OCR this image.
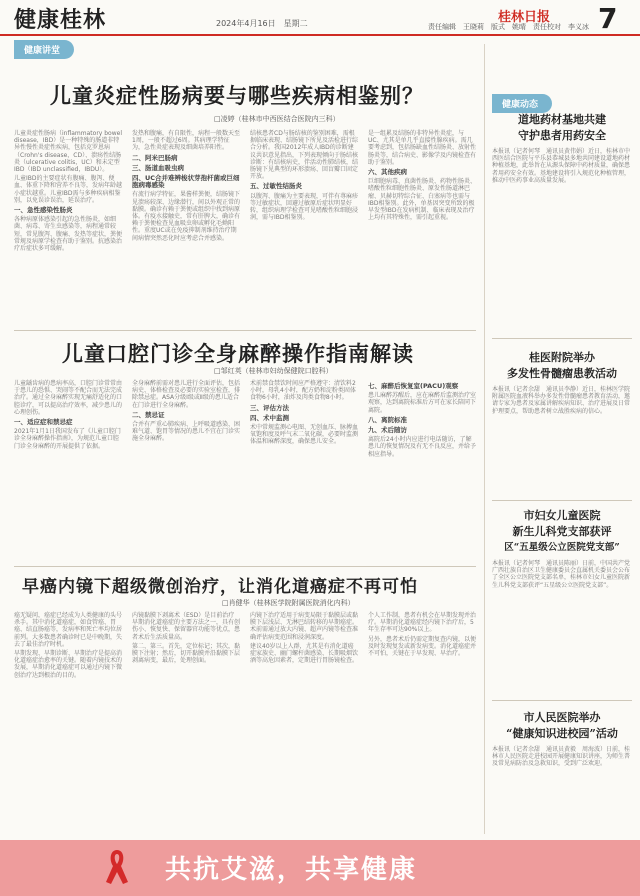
健康桂林	2024年4月16日　星期二	桂林日报
责任编辑　王晓莉　版式　姚晴　责任校对　李义冰 7
健康讲堂
儿童炎症性肠病要与哪些疾病相鉴别？
□凌婷（桂林市中西医结合医院内三科）

儿童炎症性肠病（inflammatory bowel disease，IBD）是一种特殊的肠道非特异性慢性炎症性疾病，包括克罗恩病（Crohn's disease，CD）、溃疡性结肠炎（ulcerative colitis，UC）和未定型IBD（IBD unclassified，IBDU）。

儿童IBD的主要症状有腹痛、腹泻、便血、体重下降和营养不良等，发病年龄越小症状越重。儿童IBD需与多种疾病相鉴别，以免误诊误治，延误治疗。

一、急性感染性肠炎

各种病原体感染引起的急性肠炎，如细菌、病毒、寄生虫感染等，病程通常较短，常见腹泻、腹痛、发热等症状，粪便常规及病原学检查有助于鉴别。抗感染治疗后症状多可缓解。

发热和腹痛，有自限性，病程一般数天至1周，一般不超过6周。其病理学特征为，急性炎症表现及细菌培养阳性。

二、阿米巴肠病
三、肠道血吸虫病
四、UC合并难辨梭状芽孢杆菌或巨细胞病毒感染

有流行病学特征，果酱样粪便，结肠镜下见溃疡较深、边缘潜行，间以外观正常的黏膜。确诊有赖于粪便或组织中找到病原体。有疫水接触史，常有肝脾大，确诊有赖于粪便检查见血吸虫卵或孵化毛蚴阳性。重度UC或在免疫抑制剂维持治疗期间病情突然恶化时应考虑合并感染。

结核患者CD与肠结核的鉴别困难，需根据临床表现、结肠镜下所见及活检进行综合分析。我国2012年成人IBD的诊断建议共识意见指出，下列表现倾向于肠结核诊断：有结核病史，伴活动性肺结核，结肠镜下见典型的环形溃疡、回盲瓣口固定开放。

五、过敏性结肠炎

以腹泻、腹痛为主要表现，可伴有荨麻疹等过敏症状，回避过敏原后症状明显好转，组织病理学检查可见嗜酸性粒细胞浸润，需与IBD相鉴别。

是一组累及结肠的非特异性炎症，与UC、尤其是单几乎直接性腺疾病。需几要考虑到，包括肠缺血性结肠炎、放射性肠炎等，结合病史、影像学及内镜检查有助于鉴别。

六、其他疾病

巨细胞病毒、真菌性肠炎、药物性肠炎、嗜酸性粒细胞性肠炎、原发性肠道淋巴瘤、贝赫切特综合征、白塞病等也需与IBD相鉴别。此外，单基因突变所致的极早发型IBD在发病机制、临床表现及治疗上均有其特殊性，需引起重视。

儿童口腔门诊全身麻醉操作指南解读
□邹红英（桂林市妇幼保健院口腔科）

儿童龋齿病的患病率高，口腔门诊常常由于患儿的恐惧、哭闹等不配合而无法完成治疗。通过全身麻醉实现无痛舒适化的口腔诊疗，可以提高治疗效率，减少患儿的心理创伤。

一、适应症和禁忌症

2021年1月1日我国发布了《儿童口腔门诊全身麻醉操作指南》，为规范儿童口腔门诊全身麻醉的开展提供了依据。

全身麻醉前需对患儿进行全面评估，包括病史、体格检查及必要的实验室检查，排除禁忌症。ASA分级Ⅰ级或Ⅱ级的患儿适合在门诊进行全身麻醉。

二、禁忌证

合并有严重心肺疾病、上呼吸道感染、困难气道、饱胃等情况的患儿不宜在门诊实施全身麻醉。

术前禁食禁饮时间应严格遵守：清饮料2小时，母乳4小时，配方奶和淀粉类固体食物6小时，油炸及肉类食物8小时。

三、评估方法
四、术中监测

术中常规监测心电图、无创血压、脉搏血氧饱和度及呼气末二氧化碳，必要时监测体温和麻醉深度，确保患儿安全。

七、麻醉后恢复室(PACU)观察

患儿麻醉苏醒后，应在麻醉后监测治疗室观察，达到离院标准后方可在家长陪同下离院。

八、离院标准
九、术后随访

离院后24小时内应进行电话随访，了解患儿的恢复情况及有无不良反应，并给予相应指导。

早癌内镜下超级微创治疗，让消化道癌症不再可怕
□肖健华（桂林医学院附属医院消化内科）

癌无疑问，癌症已经成为人类健康的头号杀手。其中消化道癌症，如食管癌、胃癌、结直肠癌等，发病率和死亡率均位居前列。大多数患者确诊时已是中晚期，失去了最佳治疗时机。

早期发现、早期诊断、早期治疗是提高消化道癌症治愈率的关键。随着内镜技术的发展，早期消化道癌症可以通过内镜下微创治疗达到根治的目的。

内镜黏膜下剥离术（ESD）是目前治疗早期消化道癌症的主要方法之一，具有创伤小、恢复快、保留器官功能等优点，患者术后生活质量高。

第二、第三。首先，定位标记；其次，黏膜下注射；然后，切开黏膜并沿黏膜下层剥离病变，最后，处理创面。

内镜下治疗适用于病变局限于黏膜层或黏膜下层浅层、无淋巴结转移的早期癌症。术前需通过放大内镜、超声内镜等检查准确评估病变范围和浸润深度。

建议40岁以上人群，尤其是有消化道癌症家族史、幽门螺杆菌感染、长期吸烟饮酒等高危因素者，定期进行胃肠镜检查。

个人工作制，患者有机会在早期发现并治疗。早期消化道癌症经内镜下治疗后，5年生存率可达90%以上。

另外，患者术后仍需定期复查内镜，以便及时发现复发或新发病变。消化道癌症并不可怕，关键在于早发现、早治疗。

健康动态
道地药材基地共建
守护患者用药安全
本报讯（记者何琴　通讯员黄伟娟）近日，桂林市中西医结合医院与平乐县恭城县多地共同建设道地药材种植基地，此举旨在从源头保障中药材质量，确保患者用药安全有效。基地建设将引入规范化种植管理，推动中医药事业高质量发展。
桂医附院举办
多发性骨髓瘤患教活动
本报讯（记者余甜　通讯员李静）近日，桂林医学院附属医院血液科举办多发性骨髓瘤患者教育活动，邀请专家为患者及家属讲解疾病知识、治疗进展及日常护理要点，帮助患者树立战胜疾病的信心。
市妇女儿童医院
新生儿科党支部获评
区“五星级公立医院党支部”
本报讯（记者何琴　通讯员陈丽）日前，中国共产党广西壮族自治区卫生健康委员会直属机关委员会公布了全区公立医院党支部名单，桂林市妇女儿童医院新生儿科党支部获评“五星级公立医院党支部”。
市人民医院举办
“健康知识进校园”活动
本报讯（记者余甜　通讯员黄毅　周海波）日前，桂林市人民医院走进校园开展健康知识讲座，为师生普及常见病防治及急救知识，受到广泛欢迎。
共抗艾滋，共享健康
